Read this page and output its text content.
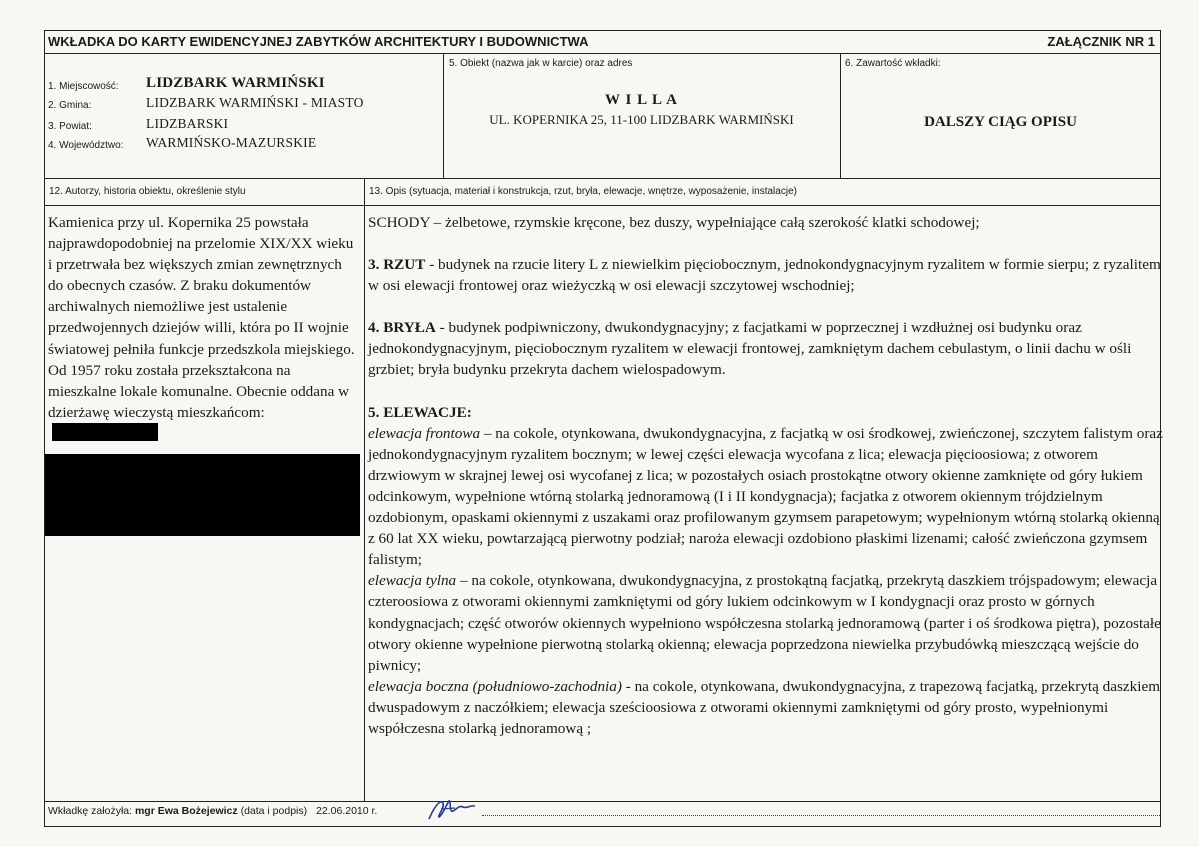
WKŁADKA DO KARTY EWIDENCYJNEJ ZABYTKÓW ARCHITEKTURY I BUDOWNICTWA	ZAŁĄCZNIK NR 1
1. Miejscowość: LIDZBARK WARMIŃSKI
2. Gmina:	LIDZBARK WARMIŃSKI - MIASTO
3. Powiat:	LIDZBARSKI
4. Województwo: WARMIŃSKO-MAZURSKIE
5. Obiekt (nazwa jak w karcie) oraz adres
W I L L A
UL. KOPERNIKA 25, 11-100 LIDZBARK WARMIŃSKI
6. Zawartość wkładki:
DALSZY CIĄG OPISU
12. Autorzy, historia obiektu, określenie stylu	13. Opis (sytuacja, materiał i konstrukcja, rzut, bryła, elewacje, wnętrze, wyposażenie, instalacje)
Kamienica przy ul. Kopernika 25 powstała najprawdopodobniej na przelomie XIX/XX wieku i przetrwała bez większych zmian zewnętrznych do obecnych czasów. Z braku dokumentów archiwalnych niemożliwe jest ustalenie przedwojennych dziejów willi, która po II wojnie światowej pełniła funkcje przedszkola miejskiego. Od 1957 roku została przekształcona na mieszkalne lokale komunalne. Obecnie oddana w dzierżawę wieczystą mieszkańcom:

SCHODY – żelbetowe, rzymskie kręcone, bez duszy, wypełniające całą szerokość klatki schodowej;

3. RZUT - budynek na rzucie litery L z niewielkim pięciobocznym, jednokondygnacyjnym ryzalitem w formie sierpu; z ryzalitem w osi elewacji frontowej oraz wieżyczką w osi elewacji szczytowej wschodniej;

4. BRYŁA - budynek podpiwniczony, dwukondygnacyjny; z facjatkami w poprzecznej i wzdłużnej osi budynku oraz jednokondygnacyjnym, pięciobocznym ryzalitem w elewacji frontowej, zamkniętym dachem cebulastym, o linii dachu w ośli grzbiet; bryła budynku przekryta dachem wielospadowym.

5. ELEWACJE:

elewacja frontowa – na cokole, otynkowana, dwukondygnacyjna, z facjatką w osi środkowej, zwieńczonej, szczytem falistym oraz jednokondygnacyjnym ryzalitem bocznym; w lewej części elewacja wycofana z lica; elewacja pięcioosiowa; z otworem drzwiowym w skrajnej lewej osi wycofanej z lica; w pozostałych osiach prostokątne otwory okienne zamknięte od góry łukiem odcinkowym, wypełnione wtórną stolarką jednoramową (I i II kondygnacja); facjatka z otworem okiennym trójdzielnym ozdobionym, opaskami okiennymi z uszakami oraz profilowanym gzymsem parapetowym; wypełnionym wtórną stolarką okienną z 60 lat XX wieku, powtarzającą pierwotny podział; naroża elewacji ozdobiono płaskimi lizenami; całość zwieńczona gzymsem falistym;

elewacja tylna – na cokole, otynkowana, dwukondygnacyjna, z prostokątną facjatką, przekrytą daszkiem trójspadowym; elewacja czteroosiowa z otworami okiennymi zamkniętymi od góry lukiem odcinkowym w I kondygnacji oraz prosto w górnych kondygnacjach; część otworów okiennych wypełniono współczesna stolarką jednoramową (parter i oś środkowa piętra), pozostałe otwory okienne wypełnione pierwotną stolarką okienną; elewacja poprzedzona niewielka przybudówką mieszczącą wejście do piwnicy;

elewacja boczna (południowo-zachodnia) - na cokole, otynkowana, dwukondygnacyjna, z trapezową facjatką, przekrytą daszkiem dwuspadowym z naczółkiem; elewacja sześcioosiowa z otworami okiennymi zamkniętymi od góry prosto, wypełnionymi współczesna stolarką jednoramową ;

Wkładkę założyła: mgr Ewa Bożejewicz (data i podpis) 22.06.2010 r.
